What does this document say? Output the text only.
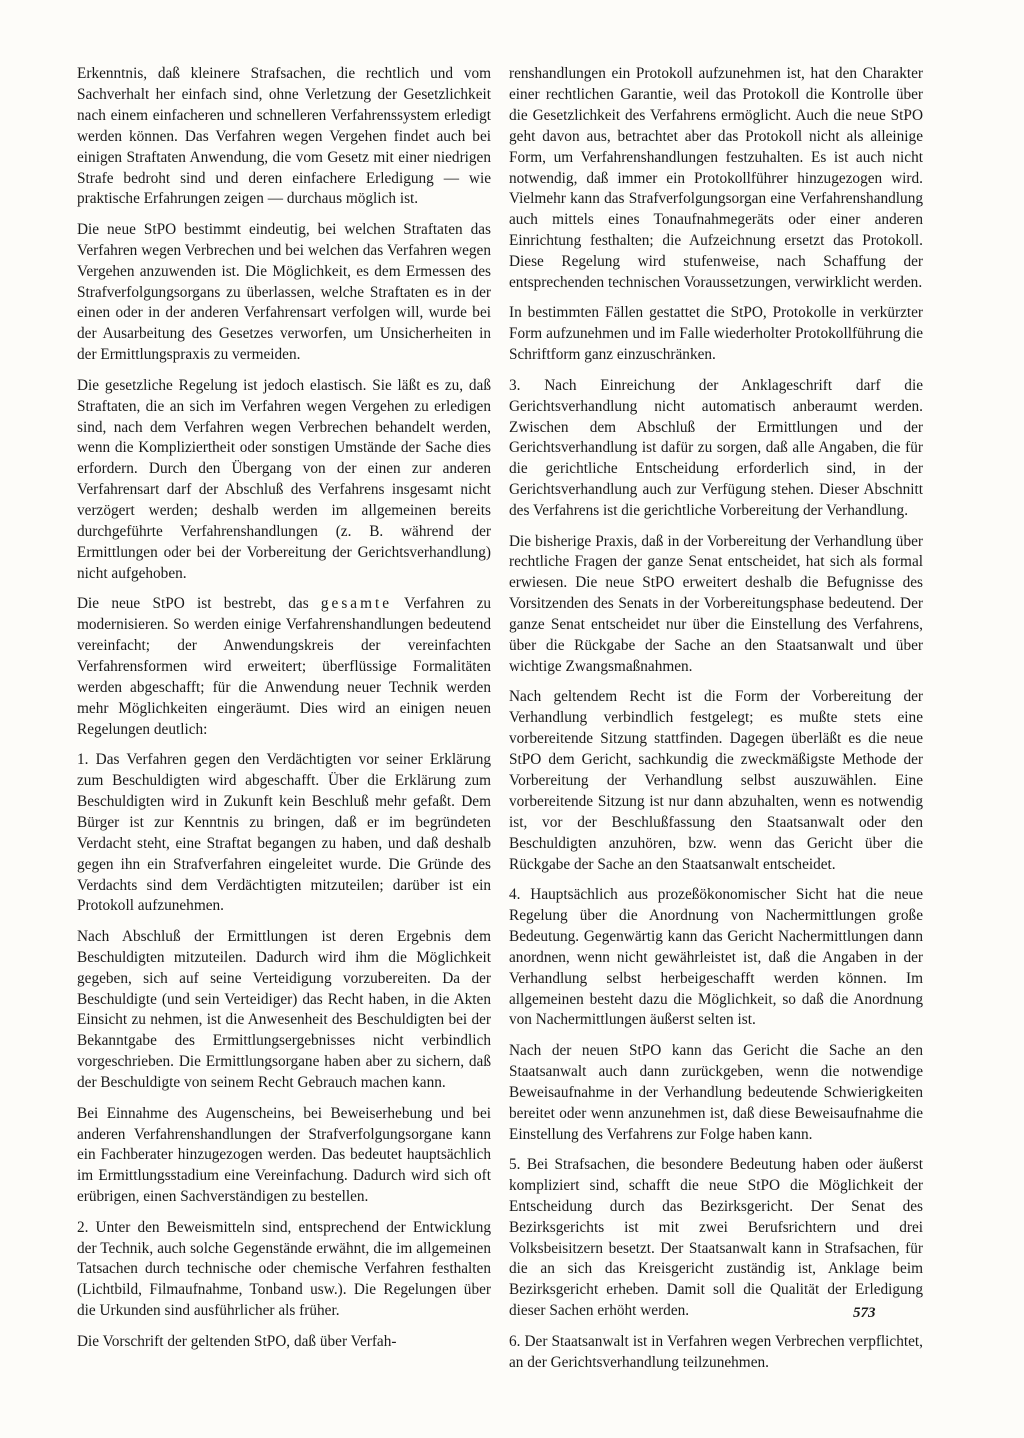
Erkenntnis, daß kleinere Strafsachen, die rechtlich und vom Sachverhalt her einfach sind, ohne Verletzung der Gesetzlichkeit nach einem einfacheren und schnelleren Verfahrenssystem erledigt werden können. Das Verfahren wegen Vergehen findet auch bei einigen Straftaten Anwendung, die vom Gesetz mit einer niedrigen Strafe bedroht sind und deren einfachere Erledigung — wie praktische Erfahrungen zeigen — durchaus möglich ist.

Die neue StPO bestimmt eindeutig, bei welchen Straftaten das Verfahren wegen Verbrechen und bei welchen das Verfahren wegen Vergehen anzuwenden ist. Die Möglichkeit, es dem Ermessen des Strafverfolgungsorgans zu überlassen, welche Straftaten es in der einen oder in der anderen Verfahrensart verfolgen will, wurde bei der Ausarbeitung des Gesetzes verworfen, um Unsicherheiten in der Ermittlungspraxis zu vermeiden.

Die gesetzliche Regelung ist jedoch elastisch. Sie läßt es zu, daß Straftaten, die an sich im Verfahren wegen Vergehen zu erledigen sind, nach dem Verfahren wegen Verbrechen behandelt werden, wenn die Kompliziertheit oder sonstigen Umstände der Sache dies erfordern. Durch den Übergang von der einen zur anderen Verfahrensart darf der Abschluß des Verfahrens insgesamt nicht verzögert werden; deshalb werden im allgemeinen bereits durchgeführte Verfahrenshandlungen (z. B. während der Ermittlungen oder bei der Vorbereitung der Gerichtsverhandlung) nicht aufgehoben.

Die neue StPO ist bestrebt, das gesamte Verfahren zu modernisieren. So werden einige Verfahrenshandlungen bedeutend vereinfacht; der Anwendungskreis der vereinfachten Verfahrensformen wird erweitert; überflüssige Formalitäten werden abgeschafft; für die Anwendung neuer Technik werden mehr Möglichkeiten eingeräumt. Dies wird an einigen neuen Regelungen deutlich:

1. Das Verfahren gegen den Verdächtigten vor seiner Erklärung zum Beschuldigten wird abgeschafft. Über die Erklärung zum Beschuldigten wird in Zukunft kein Beschluß mehr gefaßt. Dem Bürger ist zur Kenntnis zu bringen, daß er im begründeten Verdacht steht, eine Straftat begangen zu haben, und daß deshalb gegen ihn ein Strafverfahren eingeleitet wurde. Die Gründe des Verdachts sind dem Verdächtigten mitzuteilen; darüber ist ein Protokoll aufzunehmen.

Nach Abschluß der Ermittlungen ist deren Ergebnis dem Beschuldigten mitzuteilen. Dadurch wird ihm die Möglichkeit gegeben, sich auf seine Verteidigung vorzubereiten. Da der Beschuldigte (und sein Verteidiger) das Recht haben, in die Akten Einsicht zu nehmen, ist die Anwesenheit des Beschuldigten bei der Bekanntgabe des Ermittlungsergebnisses nicht verbindlich vorgeschrieben. Die Ermittlungsorgane haben aber zu sichern, daß der Beschuldigte von seinem Recht Gebrauch machen kann.

Bei Einnahme des Augenscheins, bei Beweiserhebung und bei anderen Verfahrenshandlungen der Strafverfolgungsorgane kann ein Fachberater hinzugezogen werden. Das bedeutet hauptsächlich im Ermittlungsstadium eine Vereinfachung. Dadurch wird sich oft erübrigen, einen Sachverständigen zu bestellen.

2. Unter den Beweismitteln sind, entsprechend der Entwicklung der Technik, auch solche Gegenstände erwähnt, die im allgemeinen Tatsachen durch technische oder chemische Verfahren festhalten (Lichtbild, Filmaufnahme, Tonband usw.). Die Regelungen über die Urkunden sind ausführlicher als früher.

Die Vorschrift der geltenden StPO, daß über Verfah-

renshandlungen ein Protokoll aufzunehmen ist, hat den Charakter einer rechtlichen Garantie, weil das Protokoll die Kontrolle über die Gesetzlichkeit des Verfahrens ermöglicht. Auch die neue StPO geht davon aus, betrachtet aber das Protokoll nicht als alleinige Form, um Verfahrenshandlungen festzuhalten. Es ist auch nicht notwendig, daß immer ein Protokollführer hinzugezogen wird. Vielmehr kann das Strafverfolgungsorgan eine Verfahrenshandlung auch mittels eines Tonaufnahmegeräts oder einer anderen Einrichtung festhalten; die Aufzeichnung ersetzt das Protokoll. Diese Regelung wird stufenweise, nach Schaffung der entsprechenden technischen Voraussetzungen, verwirklicht werden.

In bestimmten Fällen gestattet die StPO, Protokolle in verkürzter Form aufzunehmen und im Falle wiederholter Protokollführung die Schriftform ganz einzuschränken.

3. Nach Einreichung der Anklageschrift darf die Gerichtsverhandlung nicht automatisch anberaumt werden. Zwischen dem Abschluß der Ermittlungen und der Gerichtsverhandlung ist dafür zu sorgen, daß alle Angaben, die für die gerichtliche Entscheidung erforderlich sind, in der Gerichtsverhandlung auch zur Verfügung stehen. Dieser Abschnitt des Verfahrens ist die gerichtliche Vorbereitung der Verhandlung.

Die bisherige Praxis, daß in der Vorbereitung der Verhandlung über rechtliche Fragen der ganze Senat entscheidet, hat sich als formal erwiesen. Die neue StPO erweitert deshalb die Befugnisse des Vorsitzenden des Senats in der Vorbereitungsphase bedeutend. Der ganze Senat entscheidet nur über die Einstellung des Verfahrens, über die Rückgabe der Sache an den Staatsanwalt und über wichtige Zwangsmaßnahmen.

Nach geltendem Recht ist die Form der Vorbereitung der Verhandlung verbindlich festgelegt; es mußte stets eine vorbereitende Sitzung stattfinden. Dagegen überläßt es die neue StPO dem Gericht, sachkundig die zweckmäßigste Methode der Vorbereitung der Verhandlung selbst auszuwählen. Eine vorbereitende Sitzung ist nur dann abzuhalten, wenn es notwendig ist, vor der Beschlußfassung den Staatsanwalt oder den Beschuldigten anzuhören, bzw. wenn das Gericht über die Rückgabe der Sache an den Staatsanwalt entscheidet.

4. Hauptsächlich aus prozeßökonomischer Sicht hat die neue Regelung über die Anordnung von Nachermittlungen große Bedeutung. Gegenwärtig kann das Gericht Nachermittlungen dann anordnen, wenn nicht gewährleistet ist, daß die Angaben in der Verhandlung selbst herbeigeschafft werden können. Im allgemeinen besteht dazu die Möglichkeit, so daß die Anordnung von Nachermittlungen äußerst selten ist.

Nach der neuen StPO kann das Gericht die Sache an den Staatsanwalt auch dann zurückgeben, wenn die notwendige Beweisaufnahme in der Verhandlung bedeutende Schwierigkeiten bereitet oder wenn anzunehmen ist, daß diese Beweisaufnahme die Einstellung des Verfahrens zur Folge haben kann.

5. Bei Strafsachen, die besondere Bedeutung haben oder äußerst kompliziert sind, schafft die neue StPO die Möglichkeit der Entscheidung durch das Bezirksgericht. Der Senat des Bezirksgerichts ist mit zwei Berufsrichtern und drei Volksbeisitzern besetzt. Der Staatsanwalt kann in Strafsachen, für die an sich das Kreisgericht zuständig ist, Anklage beim Bezirksgericht erheben. Damit soll die Qualität der Erledigung dieser Sachen erhöht werden.

6. Der Staatsanwalt ist in Verfahren wegen Verbrechen verpflichtet, an der Gerichtsverhandlung teilzunehmen.

573
